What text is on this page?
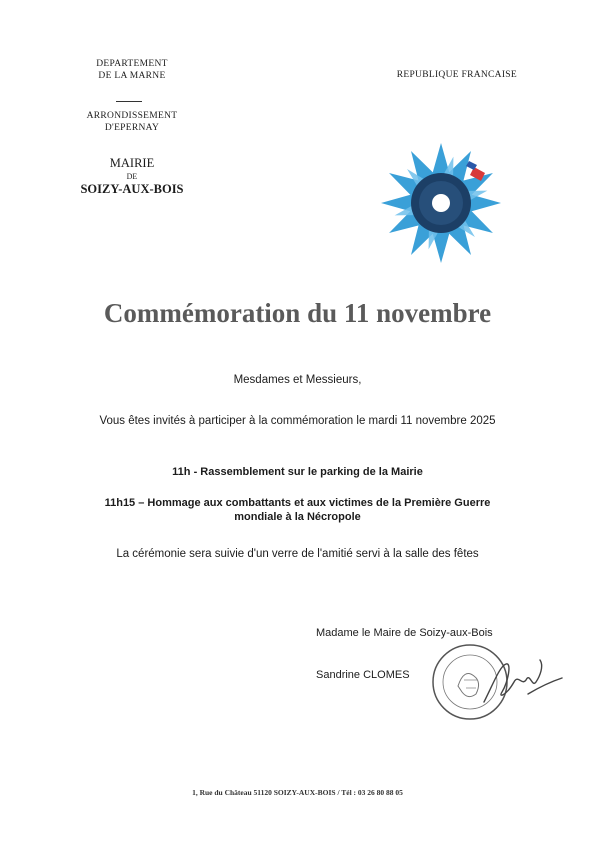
DEPARTEMENT
DE LA MARNE
ARRONDISSEMENT
D'EPERNAY
MAIRIE
DE
SOIZY-AUX-BOIS
REPUBLIQUE FRANCAISE
Commémoration du 11 novembre
Mesdames et Messieurs,
Vous êtes invités à participer à la commémoration le mardi 11 novembre 2025
11h - Rassemblement sur le parking de la Mairie
11h15 – Hommage aux combattants et aux victimes de la Première Guerre
mondiale à la Nécropole
La cérémonie sera suivie d'un verre de l'amitié servi à la salle des fêtes
Madame le Maire de Soizy-aux-Bois
Sandrine CLOMES
1, Rue du Château 51120 SOIZY-AUX-BOIS / Tél : 03 26 80 88 05
